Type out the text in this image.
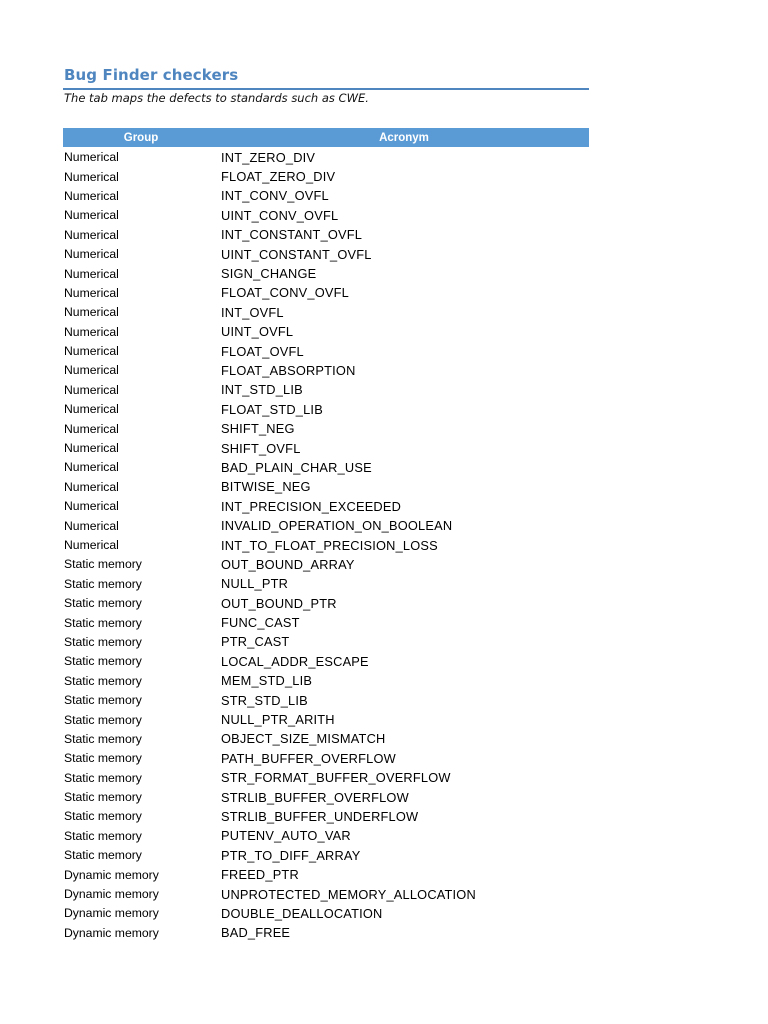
Bug Finder checkers
The tab maps the defects to standards such as CWE.
Group	Acronym
Numerical	INT_ZERO_DIV
Numerical	FLOAT_ZERO_DIV
Numerical	INT_CONV_OVFL
Numerical	UINT_CONV_OVFL
Numerical	INT_CONSTANT_OVFL
Numerical	UINT_CONSTANT_OVFL
Numerical	SIGN_CHANGE
Numerical	FLOAT_CONV_OVFL
Numerical	INT_OVFL
Numerical	UINT_OVFL
Numerical	FLOAT_OVFL
Numerical	FLOAT_ABSORPTION
Numerical	INT_STD_LIB
Numerical	FLOAT_STD_LIB
Numerical	SHIFT_NEG
Numerical	SHIFT_OVFL
Numerical	BAD_PLAIN_CHAR_USE
Numerical	BITWISE_NEG
Numerical	INT_PRECISION_EXCEEDED
Numerical	INVALID_OPERATION_ON_BOOLEAN
Numerical	INT_TO_FLOAT_PRECISION_LOSS
Static memory	OUT_BOUND_ARRAY
Static memory	NULL_PTR
Static memory	OUT_BOUND_PTR
Static memory	FUNC_CAST
Static memory	PTR_CAST
Static memory	LOCAL_ADDR_ESCAPE
Static memory	MEM_STD_LIB
Static memory	STR_STD_LIB
Static memory	NULL_PTR_ARITH
Static memory	OBJECT_SIZE_MISMATCH
Static memory	PATH_BUFFER_OVERFLOW
Static memory	STR_FORMAT_BUFFER_OVERFLOW
Static memory	STRLIB_BUFFER_OVERFLOW
Static memory	STRLIB_BUFFER_UNDERFLOW
Static memory	PUTENV_AUTO_VAR
Static memory	PTR_TO_DIFF_ARRAY
Dynamic memory	FREED_PTR
Dynamic memory	UNPROTECTED_MEMORY_ALLOCATION
Dynamic memory	DOUBLE_DEALLOCATION
Dynamic memory	BAD_FREE
